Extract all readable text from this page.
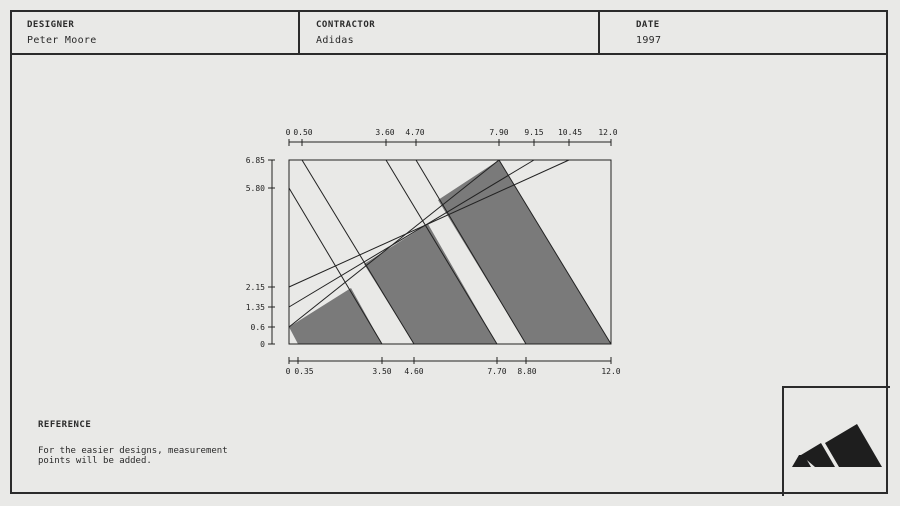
DESIGNER
Peter Moore
CONTRACTOR
Adidas
DATE
1997
REFERENCE
For the easier designs, measurement points will be added.
0 0.50	3.60 4.70	7.90 9.15 10.45 12.0
0 0.35	3.50 4.60	7.70 8.80	12.0
6.85
5.80
2.15
1.35
0.6
0
